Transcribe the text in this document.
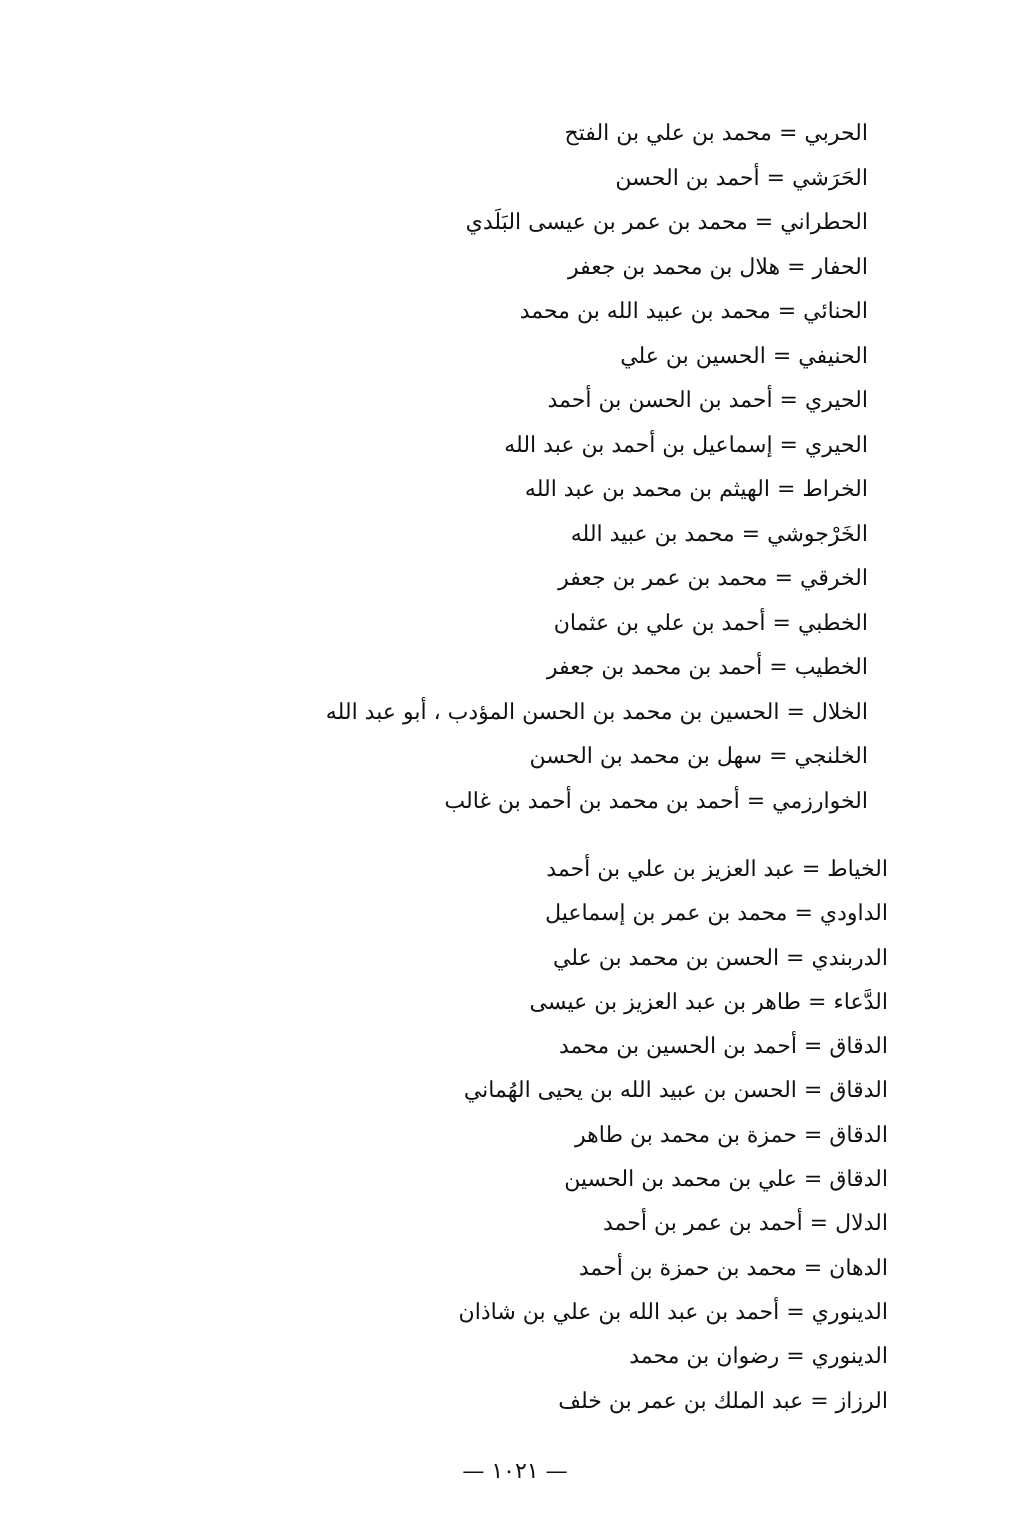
الحربي = محمد بن علي بن الفتح
الحَرَشي = أحمد بن الحسن
الحطراني = محمد بن عمر بن عيسى البَلَدي
الحفار = هلال بن محمد بن جعفر
الحنائي = محمد بن عبيد الله بن محمد
الحنيفي = الحسين بن علي
الحيري = أحمد بن الحسن بن أحمد
الحيري = إسماعيل بن أحمد بن عبد الله
الخراط = الهيثم بن محمد بن عبد الله
الخَرْجوشي = محمد بن عبيد الله
الخرقي = محمد بن عمر بن جعفر
الخطبي = أحمد بن علي بن عثمان
الخطيب = أحمد بن محمد بن جعفر
الخلال = الحسين بن محمد بن الحسن المؤدب ، أبو عبد الله
الخلنجي = سهل بن محمد بن الحسن
الخوارزمي = أحمد بن محمد بن أحمد بن غالب
الخياط = عبد العزيز بن علي بن أحمد
الداودي = محمد بن عمر بن إسماعيل
الدربندي = الحسن بن محمد بن علي
الدَّعاء = طاهر بن عبد العزيز بن عيسى
الدقاق = أحمد بن الحسين بن محمد
الدقاق = الحسن بن عبيد الله بن يحيى الهُماني
الدقاق = حمزة بن محمد بن طاهر
الدقاق = علي بن محمد بن الحسين
الدلال = أحمد بن عمر بن أحمد
الدهان = محمد بن حمزة بن أحمد
الدينوري = أحمد بن عبد الله بن علي بن شاذان
الدينوري = رضوان بن محمد
الرزاز = عبد الملك بن عمر بن خلف
— ١٠٢١ —
